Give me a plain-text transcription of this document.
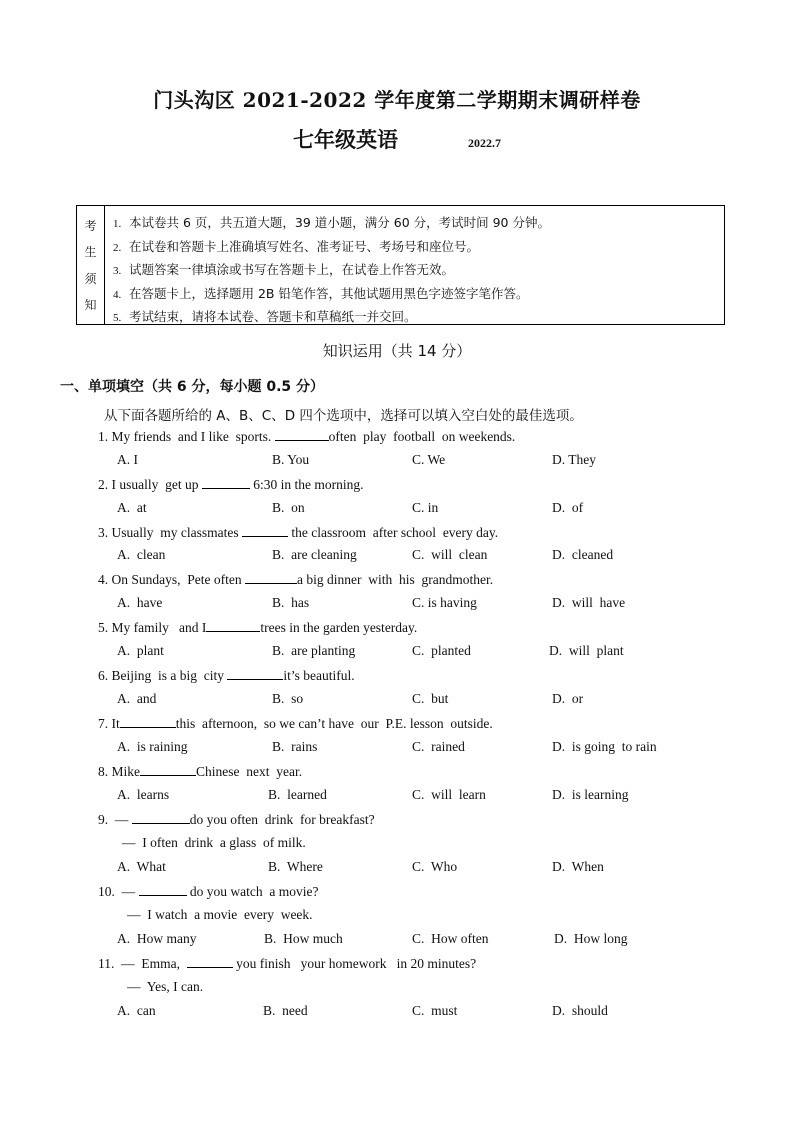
门头沟区 2021-2022 学年度第二学期期末调研样卷
七年级英语	2022.7
考
生
须
知
1. 本试卷共 6 页，共五道大题，39 道小题，满分 60 分，考试时间 90 分钟。
2. 在试卷和答题卡上准确填写姓名、准考证号、考场号和座位号。
3. 试题答案一律填涂或书写在答题卡上，在试卷上作答无效。
4. 在答题卡上，选择题用 2B 铅笔作答，其他试题用黑色字迹签字笔作答。
5. 考试结束，请将本试卷、答题卡和草稿纸一并交回。
知识运用（共 14 分）
一、单项填空（共 6 分，每小题 0.5 分）
从下面各题所给的 A、B、C、D 四个选项中，选择可以填入空白处的最佳选项。
1. My friends  and I like  sports.	often  play  football  on weekends.
A. I	B. You	C. We	D. They
2. I usually  get up	6:30 in the morning.
A.  at	B.  on	C. in	D.  of
3. Usually  my classmates	the classroom  after school  every day.
A.  clean	B.  are cleaning	C.  will  clean	D.  cleaned
4. On Sundays,  Pete often	a big dinner  with  his  grandmother.
A.  have	B.  has	C. is having	D.  will  have
5. My family   and I	trees in the garden yesterday.
A.  plant	B.  are planting	C.  planted	D.  will  plant
6. Beijing  is a big  city	it’s beautiful.
A.  and	B.  so	C.  but	D.  or
7. It	this  afternoon,  so we can’t have  our  P.E. lesson  outside.
A.  is raining	B.  rains	C.  rained	D.  is going  to rain
8. Mike	Chinese  next  year.
A.  learns	B.  learned	C.  will  learn	D.  is learning
9.  —	do you often  drink  for breakfast?
—  I often  drink  a glass  of milk.
A.  What	B.  Where	C.  Who	D.  When
10.  —	do you watch  a movie?
—  I watch  a movie  every  week.
A.  How many	B.  How much	C.  How often	D.  How long
11.  —  Emma,	you finish   your homework   in 20 minutes?
—  Yes, I can.
A.  can	B.  need	C.  must	D.  should
